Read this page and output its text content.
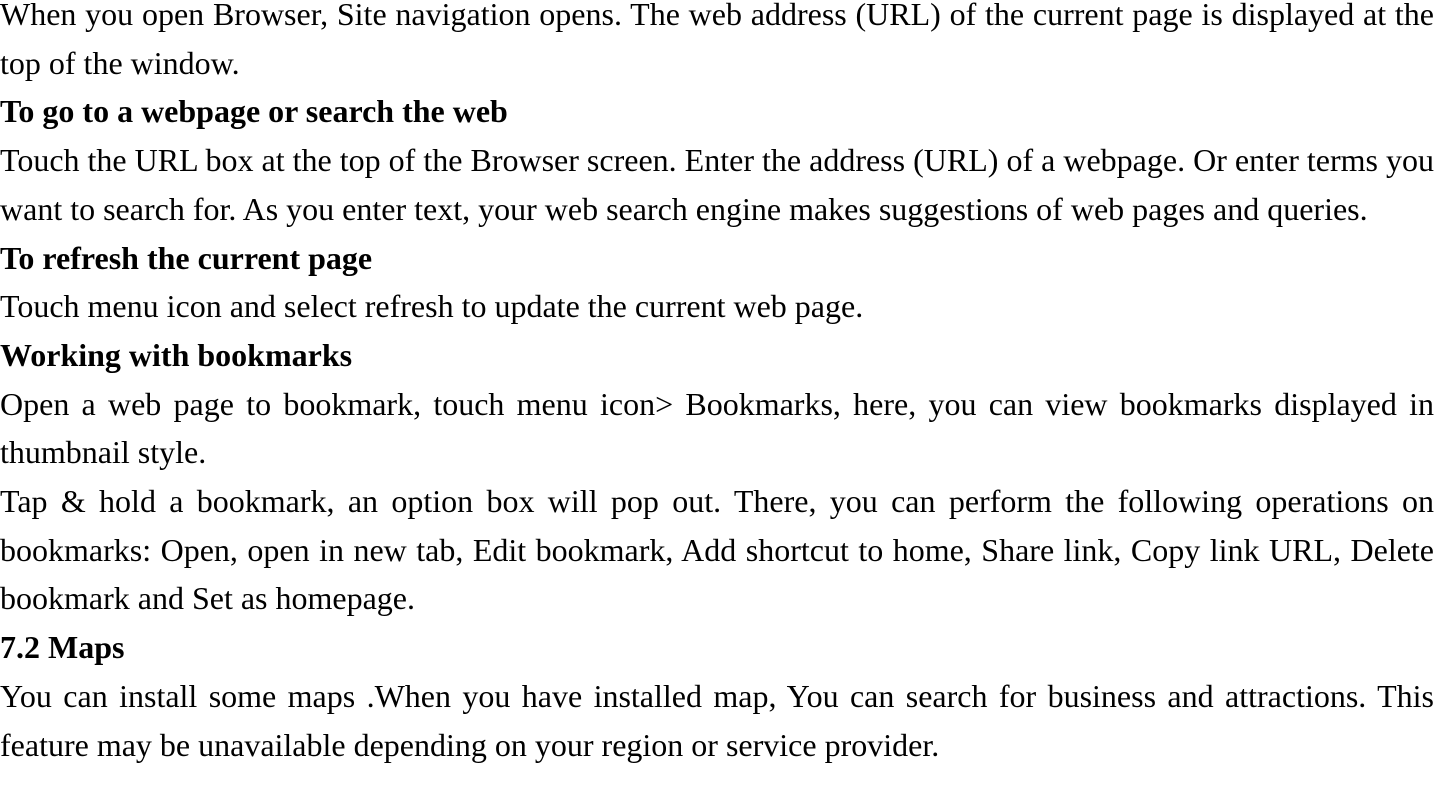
When you open Browser, Site navigation opens. The web address (URL) of the current page is displayed at the top of the window.

To go to a webpage or search the web

Touch the URL box at the top of the Browser screen. Enter the address (URL) of a webpage. Or enter terms you want to search for. As you enter text, your web search engine makes suggestions of web pages and queries.

To refresh the current page

Touch menu icon and select refresh to update the current web page.

Working with bookmarks

Open a web page to bookmark, touch menu icon> Bookmarks, here, you can view bookmarks displayed in thumbnail style.

Tap & hold a bookmark, an option box will pop out. There, you can perform the following operations on bookmarks: Open, open in new tab, Edit bookmark, Add shortcut to home, Share link, Copy link URL, Delete bookmark and Set as homepage.

7.2 Maps

You can install some maps .When you have installed map, You can search for business and attractions. This feature may be unavailable depending on your region or service provider.
